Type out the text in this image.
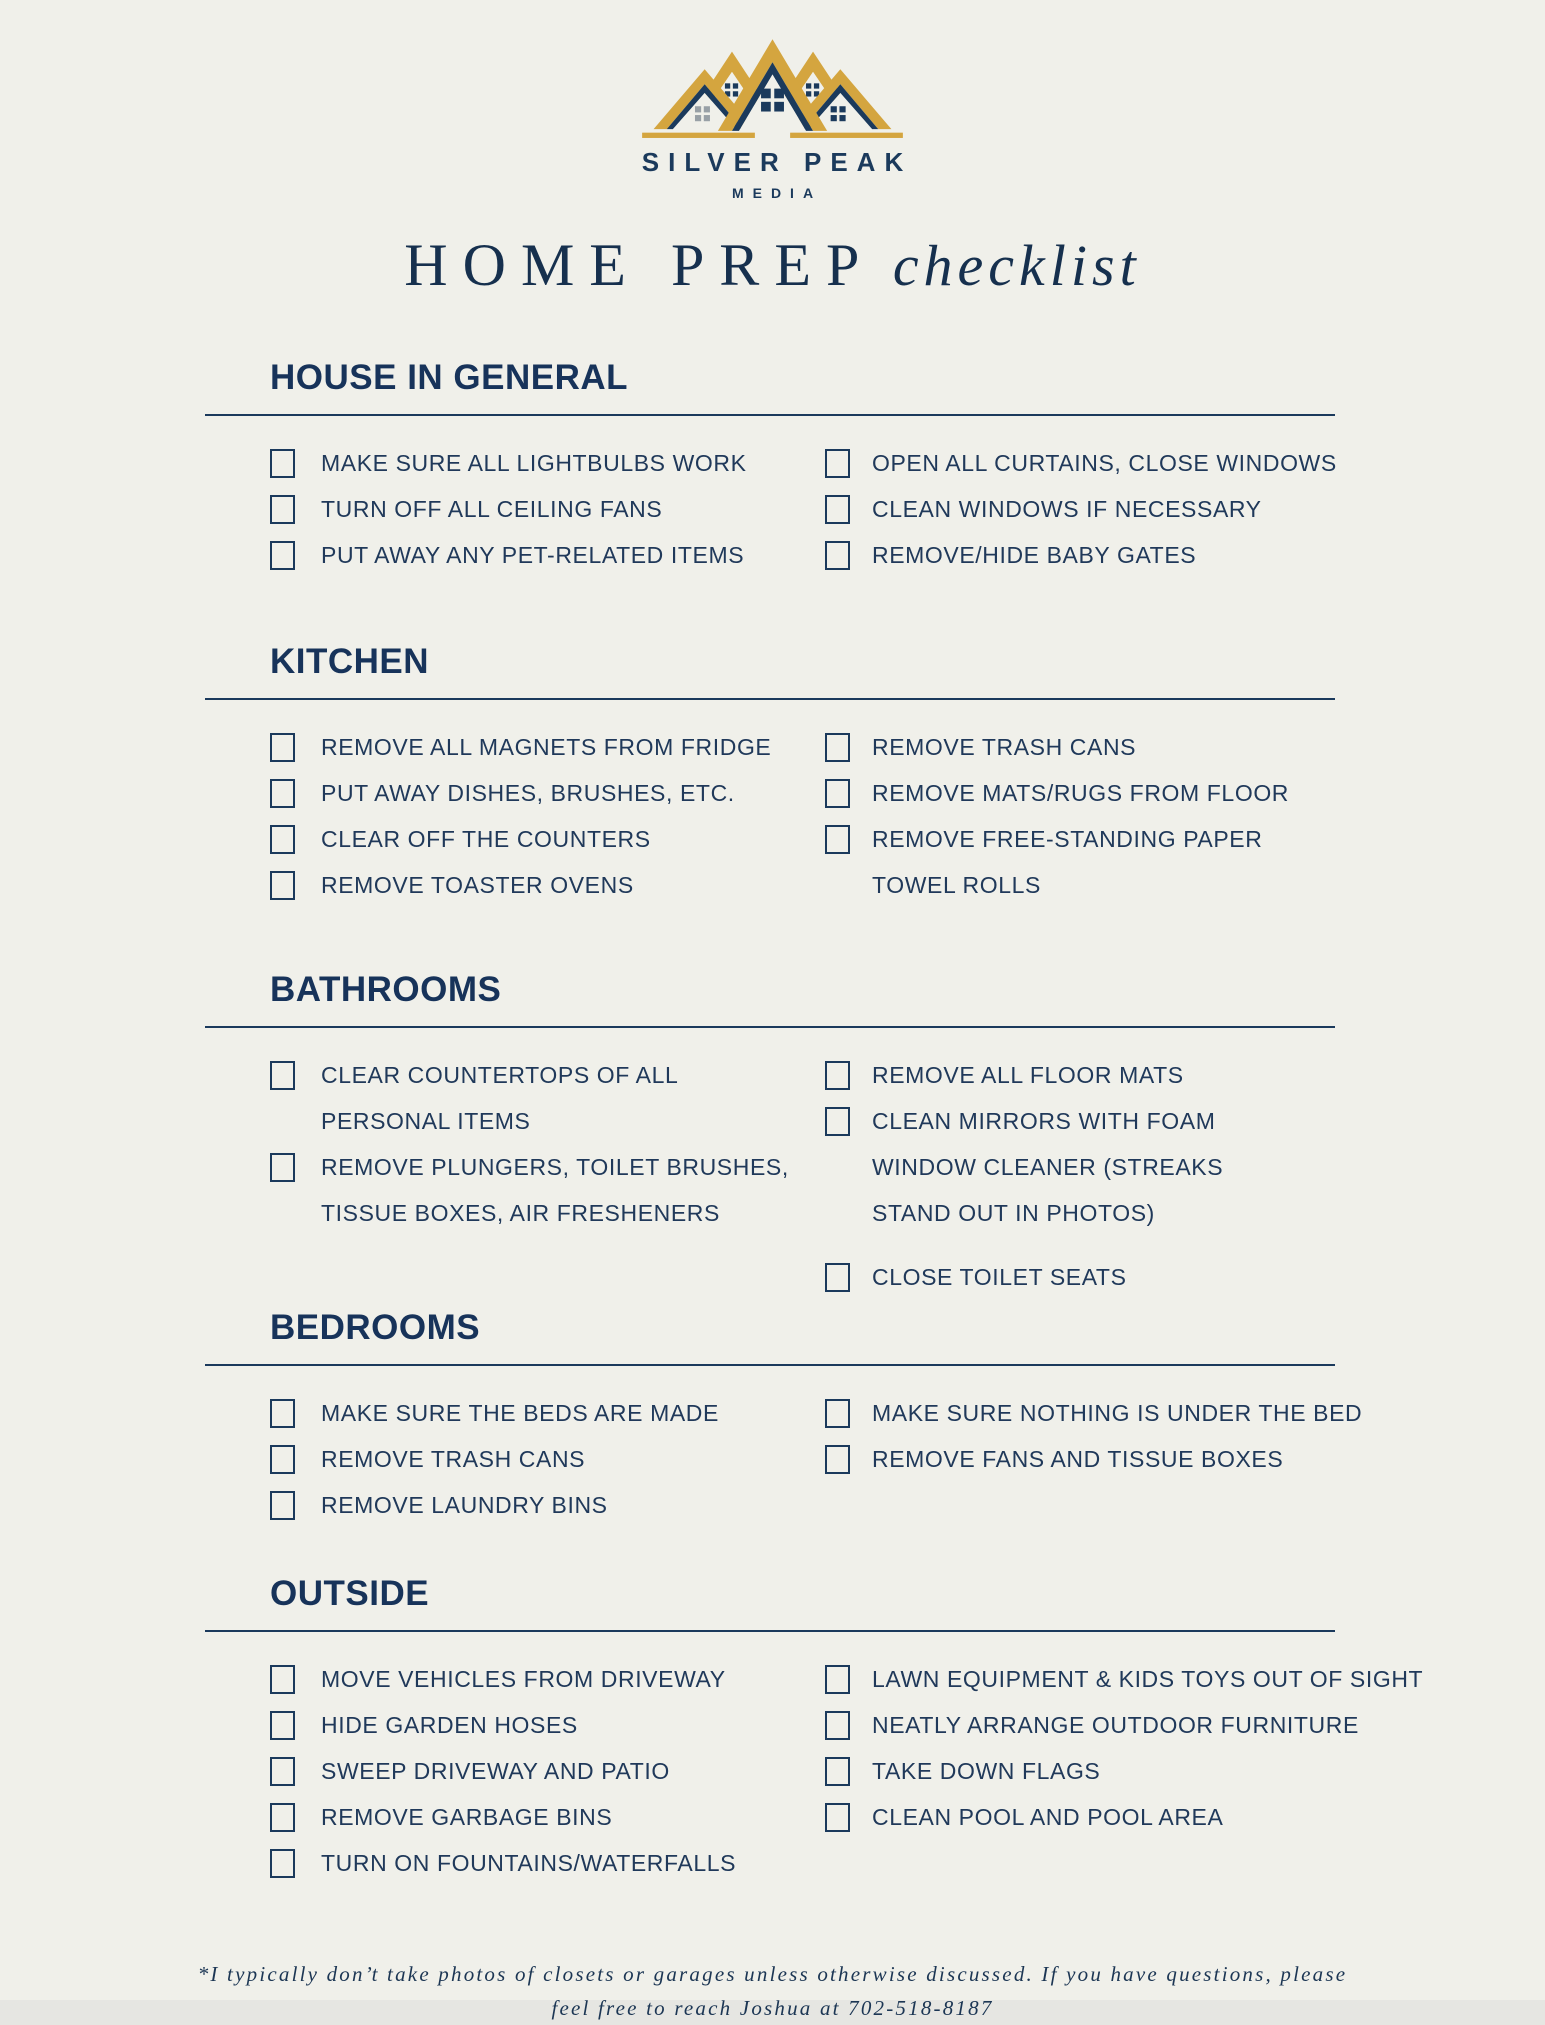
SILVER PEAK
MEDIA
HOME PREP checklist
HOUSE IN GENERAL
MAKE SURE ALL LIGHTBULBS WORK
TURN OFF ALL CEILING FANS
PUT AWAY ANY PET-RELATED ITEMS
OPEN ALL CURTAINS, CLOSE WINDOWS
CLEAN WINDOWS IF NECESSARY
REMOVE/HIDE BABY GATES
KITCHEN
REMOVE ALL MAGNETS FROM FRIDGE
PUT AWAY DISHES, BRUSHES, ETC.
CLEAR OFF THE COUNTERS
REMOVE TOASTER OVENS
REMOVE TRASH CANS
REMOVE MATS/RUGS FROM FLOOR
REMOVE FREE-STANDING PAPER
TOWEL ROLLS
BATHROOMS
CLEAR COUNTERTOPS OF ALL
PERSONAL ITEMS
REMOVE PLUNGERS, TOILET BRUSHES,
TISSUE BOXES, AIR FRESHENERS
REMOVE ALL FLOOR MATS
CLEAN MIRRORS WITH FOAM
WINDOW CLEANER (STREAKS
STAND OUT IN PHOTOS)
CLOSE TOILET SEATS
BEDROOMS
MAKE SURE THE BEDS ARE MADE
REMOVE TRASH CANS
REMOVE LAUNDRY BINS
MAKE SURE NOTHING IS UNDER THE BED
REMOVE FANS AND TISSUE BOXES
OUTSIDE
MOVE VEHICLES FROM DRIVEWAY
HIDE GARDEN HOSES
SWEEP DRIVEWAY AND PATIO
REMOVE GARBAGE BINS
TURN ON FOUNTAINS/WATERFALLS
LAWN EQUIPMENT & KIDS TOYS OUT OF SIGHT
NEATLY ARRANGE OUTDOOR FURNITURE
TAKE DOWN FLAGS
CLEAN POOL AND POOL AREA
*I typically don’t take photos of closets or garages unless otherwise discussed. If you have questions, please
feel free to reach Joshua at 702-518-8187
